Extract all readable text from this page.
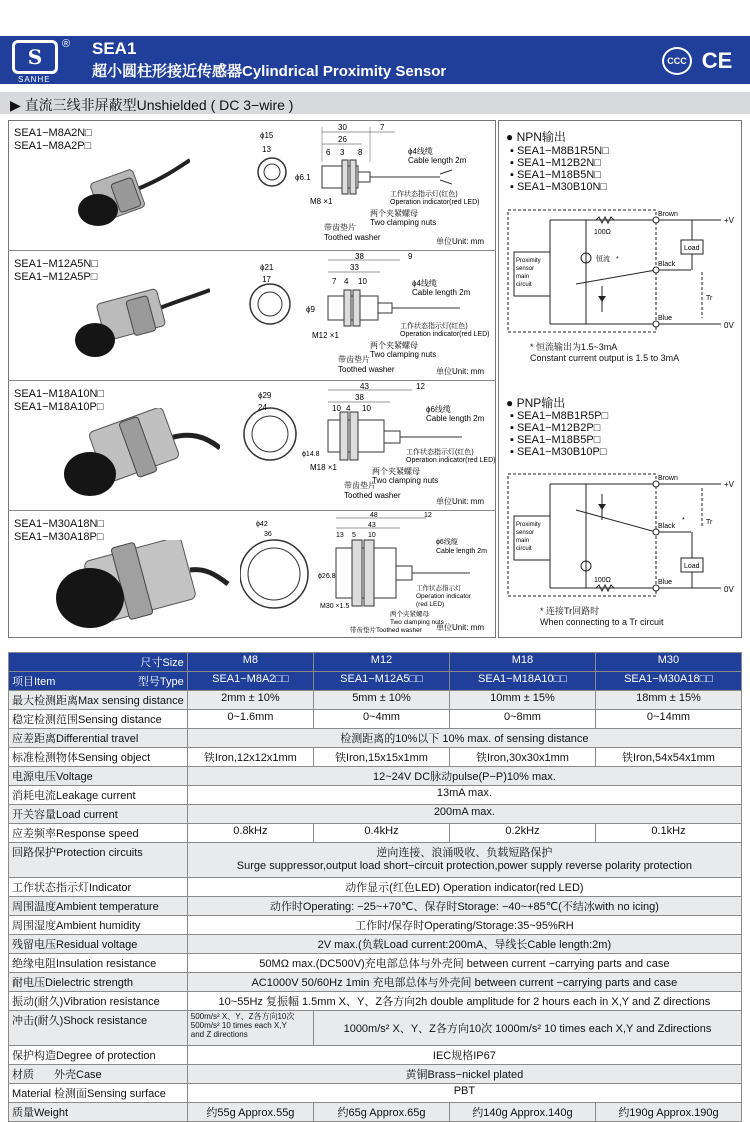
S
®
SANHE
SEA1
超小圆柱形接近传感器Cylindrical Proximity Sensor
CCC CE
▶ 直流三线非屏蔽型Unshielded ( DC 3−wire )
SEA1−M8A2N□
SEA1−M8A2P□
30	7
26
8
6 3
ϕ15
13
ϕ6.1
M8 ×1
ϕ4线缆
Cable length 2m
工作状态指示灯(红色)
Operation indicator(red LED)
两个夹紧螺母
Two clamping nuts
带齿垫片
Toothed washer	单位Unit: mm
SEA1−M12A5N□
SEA1−M12A5P□
38	9
33
7 4 10
ϕ21
17
ϕ9
M12 ×1
ϕ4线缆
Cable length 2m
工作状态指示灯(红色)
Operation indicator(red LED)
两个夹紧螺母
Two clamping nuts
带齿垫片
Toothed washer	单位Unit: mm
SEA1−M18A10N□
SEA1−M18A10P□
43	12
38
10 4 10
ϕ29
24
ϕ14.8
M18 ×1
ϕ6线缆
Cable length 2m
工作状态指示灯(红色)
Operation indicator(red LED)
两个夹紧螺母
Two clamping nuts
带齿垫片
Toothed washer
单位Unit: mm
SEA1−M30A18N□
SEA1−M30A18P□
48	12
43
13 5 10
ϕ42
36
ϕ26.8
M30 ×1.5
ϕ6线缆
Cable length 2m
工作状态指示灯
Operation indicator
(red LED)
两个夹紧螺母
Two clamping nuts
带齿垫片Toothed washer 单位Unit: mm
● NPN输出
▪ SEA1−M8B1R5N□
▪ SEA1−M12B2N□
▪ SEA1−M18B5N□
▪ SEA1−M30B10N□
Proximity
sensor
main
circuit
100Ω
恒流 *
Load
Tr
Brown
Black
Blue
+V
0V
* 恒流输出为1.5~3mA
Constant current output is 1.5 to 3mA
● PNP输出
▪ SEA1−M8B1R5P□
▪ SEA1−M12B2P□
▪ SEA1−M18B5P□
▪ SEA1−M30B10P□
Proximity
sensor
main
circuit
100Ω
Load
Tr
*
Brown
Black
Blue
+V
0V
* 连接Tr回路时
When connecting to a Tr circuit
尺寸Size	M8	M12	M18	M30
项目Item 型号Type	SEA1−M8A2□□	SEA1−M12A5□□	SEA1−M18A10□□	SEA1−M30A18□□
最大检测距离Max sensing distance	2mm ± 10%	5mm ± 10%	10mm ± 15%	18mm ± 15%
稳定检测范围Sensing distance	0~1.6mm	0~4mm	0~8mm	0~14mm
应差距离Differential travel	检测距离的10%以下 10% max. of sensing distance			
标准检测物体Sensing object	铁Iron,12x12x1mm	铁Iron,15x15x1mm	铁Iron,30x30x1mm	铁Iron,54x54x1mm
电源电压Voltage	12~24V DC脉动pulse(P−P)10% max.			
消耗电流Leakage current	13mA max.			
开关容量Load current	200mA max.			
应差频率Response speed	0.8kHz	0.4kHz	0.2kHz	0.1kHz
回路保护Protection circuits	逆向连接、浪涌吸收、负载短路保护
Surge suppressor,output load short−circuit protection,power supply reverse polarity protection			

工作状态指示灯Indicator	动作显示(红色LED) Operation indicator(red LED)			
周围温度Ambient temperature	动作时Operating: −25~+70℃、保存时Storage: −40~+85℃(不结冰with no icing)			
周围湿度Ambient humidity	工作时/保存时Operating/Storage:35~95%RH			
残留电压Residual voltage	2V max.(负载Load current:200mA、导线长Cable length:2m)			
绝缘电阻Insulation resistance	50MΩ max.(DC500V)充电部总体与外壳间 between current −carrying parts and case			
耐电压Dielectric strength	AC1000V 50/60Hz 1min 充电部总体与外壳间 between current −carrying parts and case			
振动(耐久)Vibration resistance	10~55Hz 复振幅 1.5mm X、Y、Z各方向2h double amplitude for 2 hours each in X,Y and Z directions			
冲击(耐久)Shock resistance	500m/s² X、Y、Z各方向10次
500m/s² 10 times each X,Y
and Z directions	1000m/s² X、Y、Z各方向10次 1000m/s² 10 times each X,Y and Zdirections		
保护构造Degree of protection	IEC规格IP67			
材质 外壳Case	黄铜Brass−nickel plated			
Material 检测面Sensing surface	PBT			
质量Weight	约55g Approx.55g	约65g Approx.65g	约140g Approx.140g	约190g Approx.190g
